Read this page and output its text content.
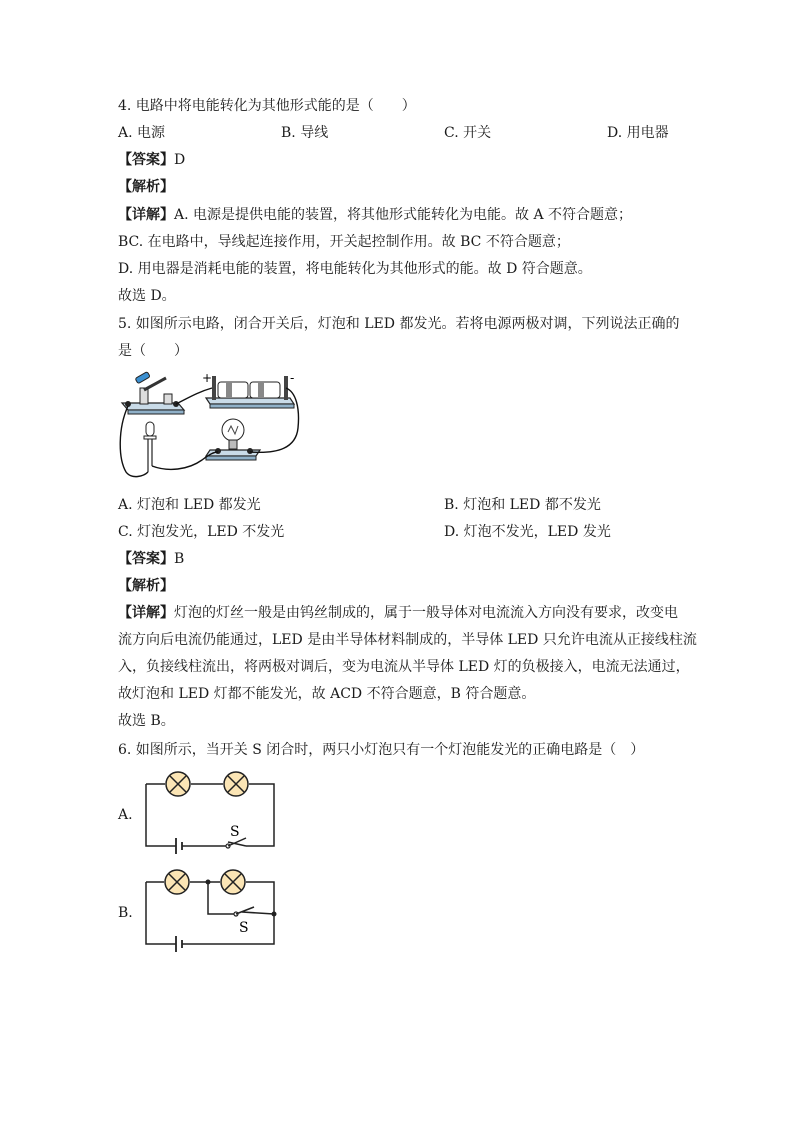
4. 电路中将电能转化为其他形式能的是（　　）
A. 电源	B. 导线	C. 开关	D. 用电器
【答案】D
【解析】
【详解】A. 电源是提供电能的装置，将其他形式能转化为电能。故 A 不符合题意；
BC. 在电路中，导线起连接作用，开关起控制作用。故 BC 不符合题意；
D. 用电器是消耗电能的装置，将电能转化为其他形式的能。故 D 符合题意。
故选 D。
5. 如图所示电路，闭合开关后，灯泡和 LED 都发光。若将电源两极对调，下列说法正确的
是（　　）
+	-
A. 灯泡和 LED 都发光	B. 灯泡和 LED 都不发光
C. 灯泡发光，LED 不发光	D. 灯泡不发光，LED 发光
【答案】B
【解析】
【详解】灯泡的灯丝一般是由钨丝制成的，属于一般导体对电流流入方向没有要求，改变电
流方向后电流仍能通过，LED 是由半导体材料制成的，半导体 LED 只允许电流从正接线柱流
入，负接线柱流出，将两极对调后，变为电流从半导体 LED 灯的负极接入，电流无法通过，
故灯泡和 LED 灯都不能发光，故 ACD 不符合题意，B 符合题意。
故选 B。
6. 如图所示，当开关 S 闭合时，两只小灯泡只有一个灯泡能发光的正确电路是（　）
A.
S
B.
S
